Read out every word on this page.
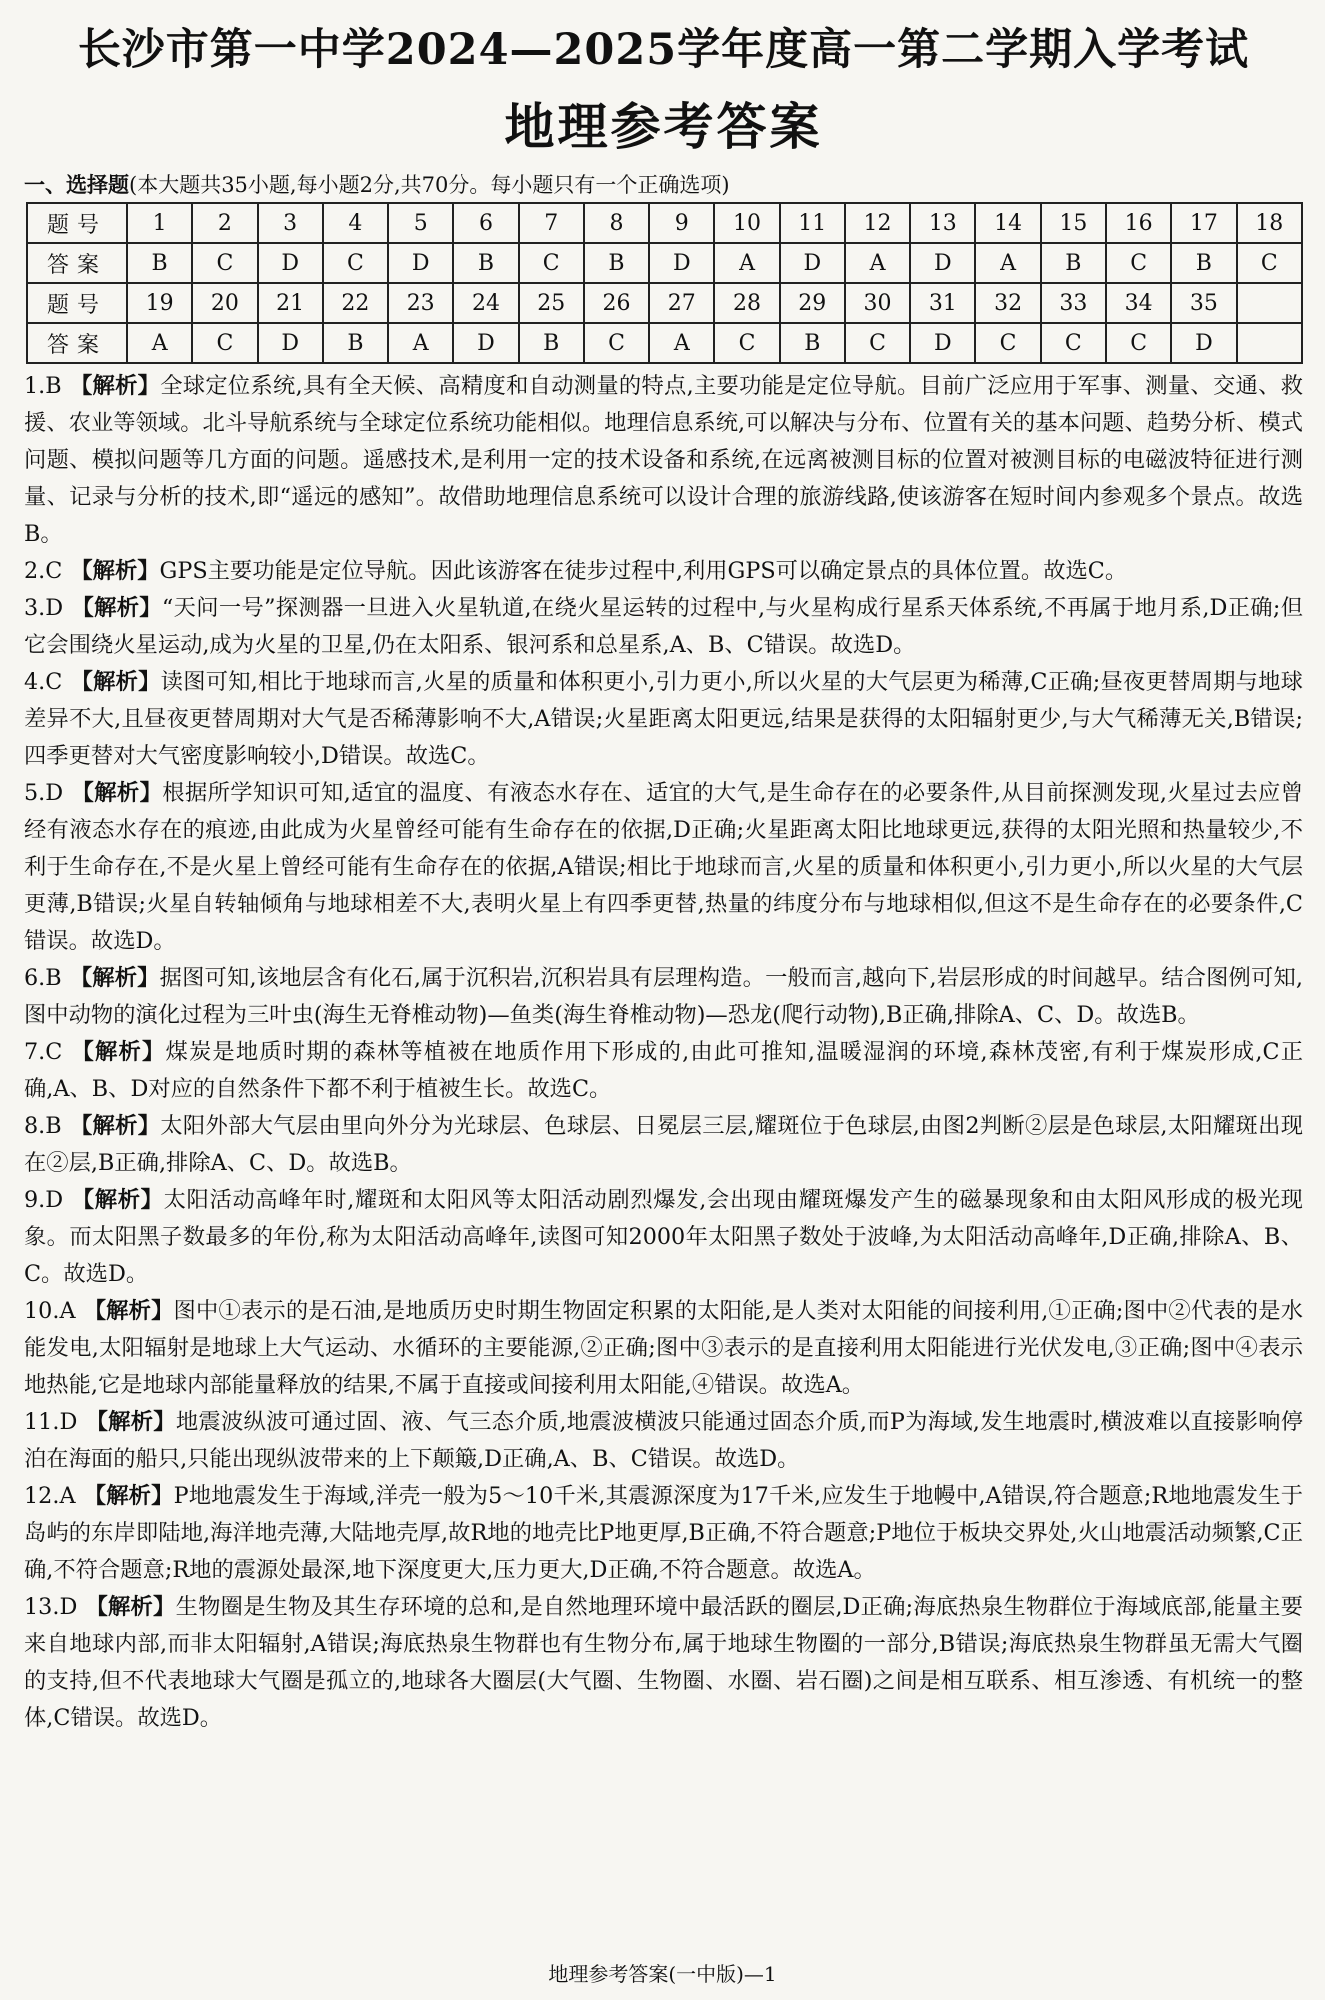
长沙市第一中学2024—2025学年度高一第二学期入学考试
地理参考答案
一、选择题(本大题共35小题,每小题2分,共70分。每小题只有一个正确选项)
题号	1	2	3	4	5	6	7	8	9	10	11	12	13	14	15	16	17	18
答案	B	C	D	C	D	B	C	B	D	A	D	A	D	A	B	C	B	C
题号	19	20	21	22	23	24	25	26	27	28	29	30	31	32	33	34	35	
答案	A	C	D	B	A	D	B	C	A	C	B	C	D	C	C	C	D	
1.B 【解析】全球定位系统,具有全天候、高精度和自动测量的特点,主要功能是定位导航。目前广泛应用于军事、测量、交通、救援、农业等领域。北斗导航系统与全球定位系统功能相似。地理信息系统,可以解决与分布、位置有关的基本问题、趋势分析、模式问题、模拟问题等几方面的问题。遥感技术,是利用一定的技术设备和系统,在远离被测目标的位置对被测目标的电磁波特征进行测量、记录与分析的技术,即“遥远的感知”。故借助地理信息系统可以设计合理的旅游线路,使该游客在短时间内参观多个景点。故选B。
2.C 【解析】GPS主要功能是定位导航。因此该游客在徒步过程中,利用GPS可以确定景点的具体位置。故选C。
3.D 【解析】“天问一号”探测器一旦进入火星轨道,在绕火星运转的过程中,与火星构成行星系天体系统,不再属于地月系,D正确;但它会围绕火星运动,成为火星的卫星,仍在太阳系、银河系和总星系,A、B、C错误。故选D。
4.C 【解析】读图可知,相比于地球而言,火星的质量和体积更小,引力更小,所以火星的大气层更为稀薄,C正确;昼夜更替周期与地球差异不大,且昼夜更替周期对大气是否稀薄影响不大,A错误;火星距离太阳更远,结果是获得的太阳辐射更少,与大气稀薄无关,B错误;四季更替对大气密度影响较小,D错误。故选C。
5.D 【解析】根据所学知识可知,适宜的温度、有液态水存在、适宜的大气,是生命存在的必要条件,从目前探测发现,火星过去应曾经有液态水存在的痕迹,由此成为火星曾经可能有生命存在的依据,D正确;火星距离太阳比地球更远,获得的太阳光照和热量较少,不利于生命存在,不是火星上曾经可能有生命存在的依据,A错误;相比于地球而言,火星的质量和体积更小,引力更小,所以火星的大气层更薄,B错误;火星自转轴倾角与地球相差不大,表明火星上有四季更替,热量的纬度分布与地球相似,但这不是生命存在的必要条件,C错误。故选D。
6.B 【解析】据图可知,该地层含有化石,属于沉积岩,沉积岩具有层理构造。一般而言,越向下,岩层形成的时间越早。结合图例可知,图中动物的演化过程为三叶虫(海生无脊椎动物)—鱼类(海生脊椎动物)—恐龙(爬行动物),B正确,排除A、C、D。故选B。
7.C 【解析】煤炭是地质时期的森林等植被在地质作用下形成的,由此可推知,温暖湿润的环境,森林茂密,有利于煤炭形成,C正确,A、B、D对应的自然条件下都不利于植被生长。故选C。
8.B 【解析】太阳外部大气层由里向外分为光球层、色球层、日冕层三层,耀斑位于色球层,由图2判断②层是色球层,太阳耀斑出现在②层,B正确,排除A、C、D。故选B。
9.D 【解析】太阳活动高峰年时,耀斑和太阳风等太阳活动剧烈爆发,会出现由耀斑爆发产生的磁暴现象和由太阳风形成的极光现象。而太阳黑子数最多的年份,称为太阳活动高峰年,读图可知2000年太阳黑子数处于波峰,为太阳活动高峰年,D正确,排除A、B、C。故选D。
10.A 【解析】图中①表示的是石油,是地质历史时期生物固定积累的太阳能,是人类对太阳能的间接利用,①正确;图中②代表的是水能发电,太阳辐射是地球上大气运动、水循环的主要能源,②正确;图中③表示的是直接利用太阳能进行光伏发电,③正确;图中④表示地热能,它是地球内部能量释放的结果,不属于直接或间接利用太阳能,④错误。故选A。
11.D 【解析】地震波纵波可通过固、液、气三态介质,地震波横波只能通过固态介质,而P为海域,发生地震时,横波难以直接影响停泊在海面的船只,只能出现纵波带来的上下颠簸,D正确,A、B、C错误。故选D。
12.A 【解析】P地地震发生于海域,洋壳一般为5～10千米,其震源深度为17千米,应发生于地幔中,A错误,符合题意;R地地震发生于岛屿的东岸即陆地,海洋地壳薄,大陆地壳厚,故R地的地壳比P地更厚,B正确,不符合题意;P地位于板块交界处,火山地震活动频繁,C正确,不符合题意;R地的震源处最深,地下深度更大,压力更大,D正确,不符合题意。故选A。
13.D 【解析】生物圈是生物及其生存环境的总和,是自然地理环境中最活跃的圈层,D正确;海底热泉生物群位于海域底部,能量主要来自地球内部,而非太阳辐射,A错误;海底热泉生物群也有生物分布,属于地球生物圈的一部分,B错误;海底热泉生物群虽无需大气圈的支持,但不代表地球大气圈是孤立的,地球各大圈层(大气圈、生物圈、水圈、岩石圈)之间是相互联系、相互渗透、有机统一的整体,C错误。故选D。
地理参考答案(一中版)—1
